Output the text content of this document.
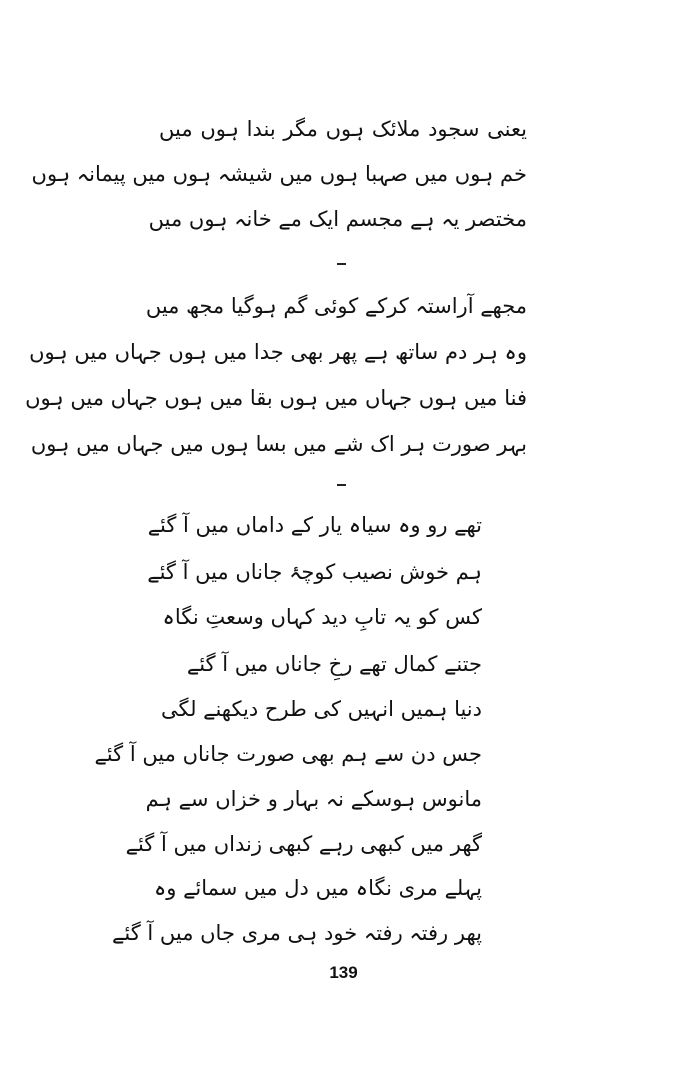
یعنی سجود ملائک ہوں مگر بندا ہوں میں
خم ہوں میں صہبا ہوں میں شیشہ ہوں میں پیمانہ ہوں
مختصر یہ ہے مجسم ایک مے خانہ ہوں میں
مجھے آراستہ کرکے کوئی گم ہوگیا مجھ میں
وہ ہر دم ساتھ ہے پھر بھی جدا میں ہوں جہاں میں ہوں
فنا میں ہوں جہاں میں ہوں بقا میں ہوں جہاں میں ہوں
بہر صورت ہر اک شے میں بسا ہوں میں جہاں میں ہوں
تھے رو وہ سیاہ یار کے داماں میں آ گئے
ہم خوش نصیب کوچۂ جاناں میں آ گئے
کس کو یہ تابِ دید کہاں وسعتِ نگاہ
جتنے کمال تھے رخِ جاناں میں آ گئے
دنیا ہمیں انہیں کی طرح دیکھنے لگی
جس دن سے ہم بھی صورت جاناں میں آ گئے
مانوس ہوسکے نہ بہار و خزاں سے ہم
گھر میں کبھی رہے کبھی زنداں میں آ گئے
پہلے مری نگاہ میں دل میں سمائے وہ
پھر رفتہ رفتہ خود ہی مری جاں میں آ گئے
139
